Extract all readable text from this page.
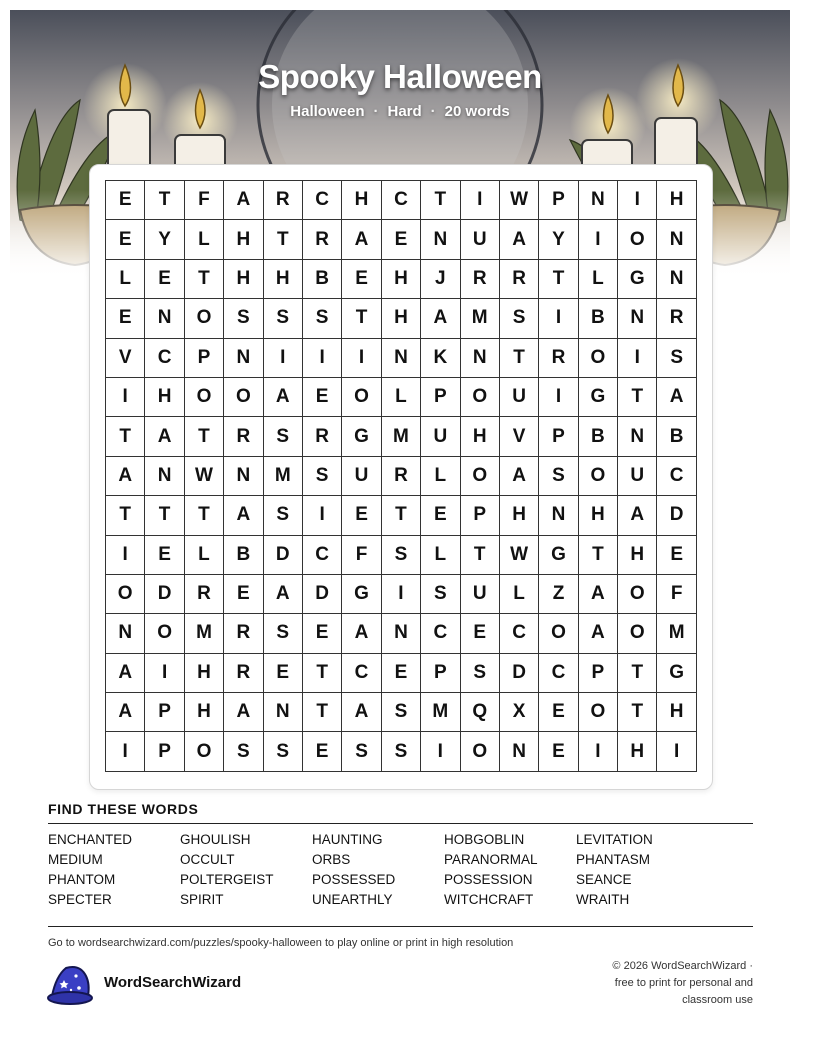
Spooky Halloween
Halloween · Hard · 20 words
E	T	F	A	R	C	H	C	T	I	W	P	N	I	H
E	Y	L	H	T	R	A	E	N	U	A	Y	I	O	N
L	E	T	H	H	B	E	H	J	R	R	T	L	G	N
E	N	O	S	S	S	T	H	A	M	S	I	B	N	R
V	C	P	N	I	I	I	N	K	N	T	R	O	I	S
I	H	O	O	A	E	O	L	P	O	U	I	G	T	A
T	A	T	R	S	R	G	M	U	H	V	P	B	N	B
A	N	W	N	M	S	U	R	L	O	A	S	O	U	C
T	T	T	A	S	I	E	T	E	P	H	N	H	A	D
I	E	L	B	D	C	F	S	L	T	W	G	T	H	E
O	D	R	E	A	D	G	I	S	U	L	Z	A	O	F
N	O	M	R	S	E	A	N	C	E	C	O	A	O	M
A	I	H	R	E	T	C	E	P	S	D	C	P	T	G
A	P	H	A	N	T	A	S	M	Q	X	E	O	T	H
I	P	O	S	S	E	S	S	I	O	N	E	I	H	I
FIND THESE WORDS
ENCHANTED	GHOULISH	HAUNTING	HOBGOBLIN	LEVITATION
MEDIUM	OCCULT	ORBS	PARANORMAL	PHANTASM
PHANTOM	POLTERGEIST	POSSESSED	POSSESSION	SEANCE
SPECTER	SPIRIT	UNEARTHLY	WITCHCRAFT	WRAITH
Go to wordsearchwizard.com/puzzles/spooky-halloween to play online or print in high resolution
WordSearchWizard
© 2026 WordSearchWizard ·
free to print for personal and
classroom use
